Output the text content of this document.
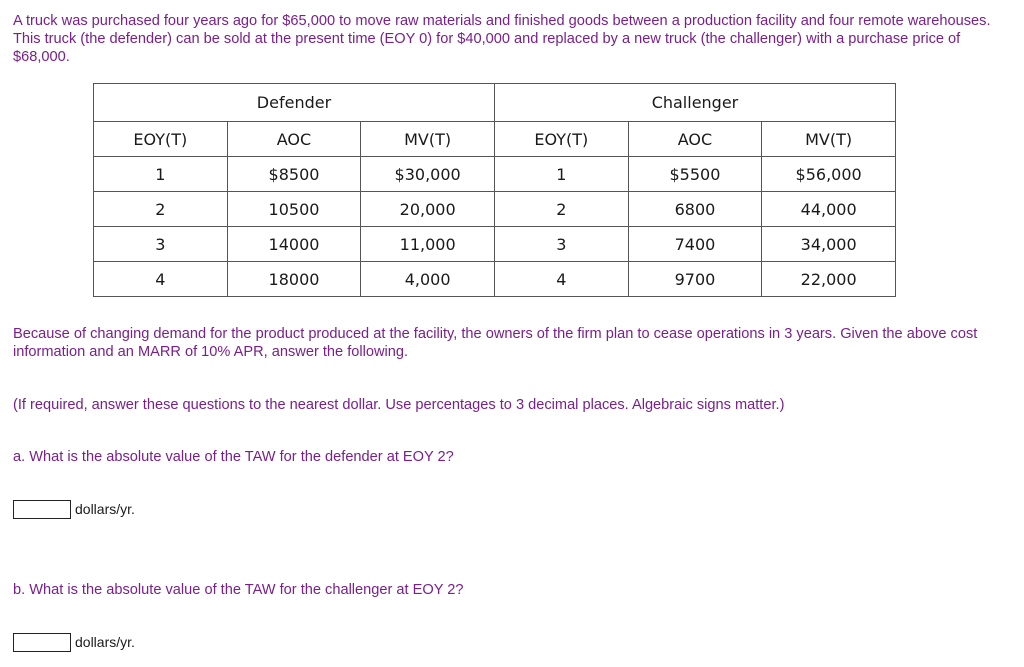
A truck was purchased four years ago for $65,000 to move raw materials and finished goods between a production facility and four remote warehouses. This truck (the defender) can be sold at the present time (EOY 0) for $40,000 and replaced by a new truck (the challenger) with a purchase price of $68,000.

Defender			Challenger		
EOY(T)	AOC	MV(T)	EOY(T)	AOC	MV(T)
1	$8500	$30,000	1	$5500	$56,000
2	10500	20,000	2	6800	44,000
3	14000	11,000	3	7400	34,000
4	18000	4,000	4	9700	22,000

Because of changing demand for the product produced at the facility, the owners of the firm plan to cease operations in 3 years. Given the above cost information and an MARR of 10% APR, answer the following.

(If required, answer these questions to the nearest dollar. Use percentages to 3 decimal places. Algebraic signs matter.)

a. What is the absolute value of the TAW for the defender at EOY 2?

dollars/yr.

b. What is the absolute value of the TAW for the challenger at EOY 2?

dollars/yr.
